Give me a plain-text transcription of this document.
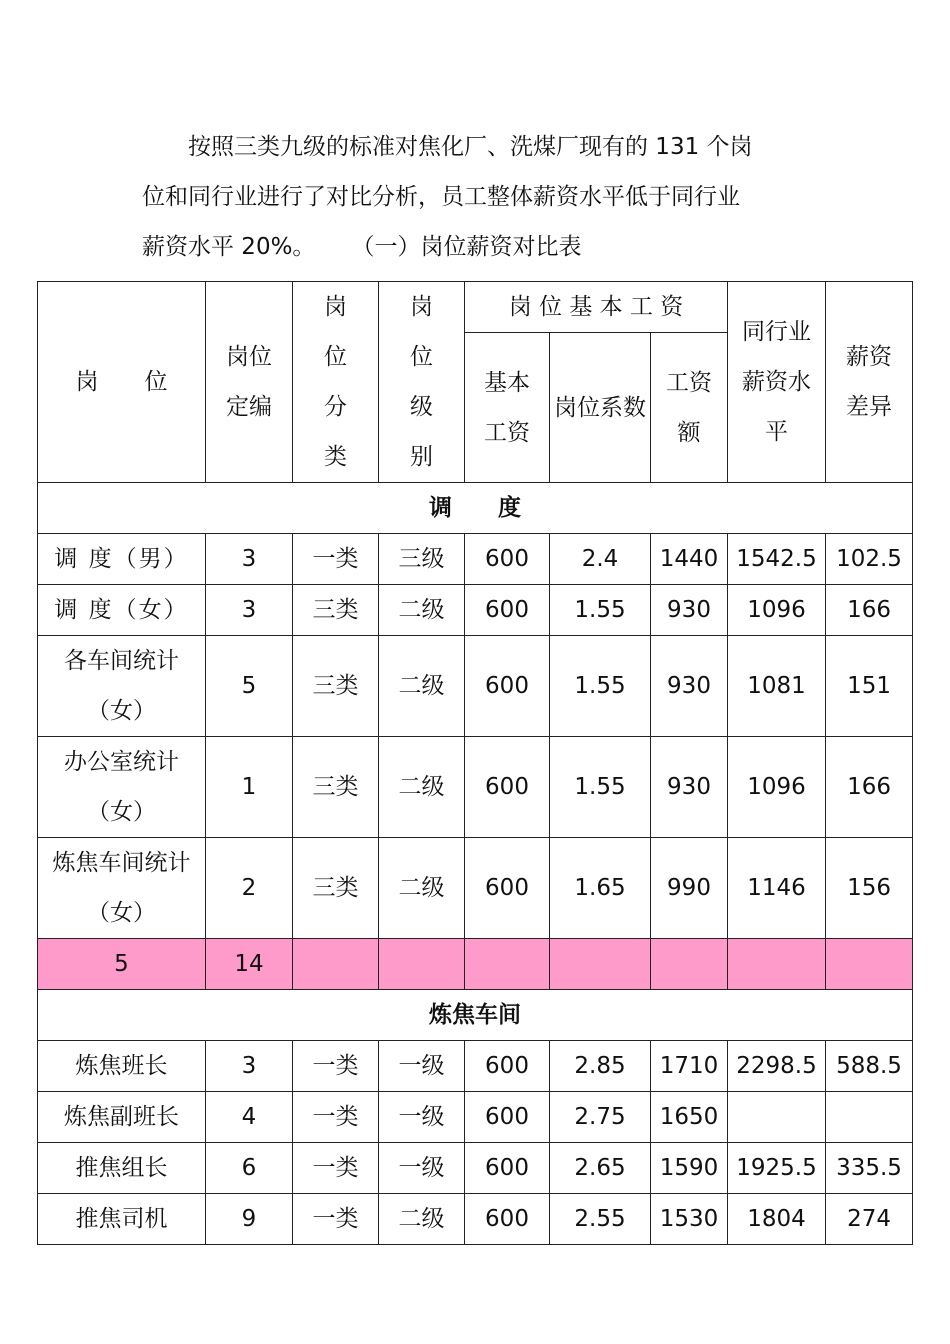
按照三类九级的标准对焦化厂、洗煤厂现有的 131 个岗
位和同行业进行了对比分析，员工整体薪资水平低于同行业
薪资水平 20%。 （一）岗位薪资对比表

岗　　位	岗位定编	岗位分类	岗位级别	岗 位 基 本 工 资			同行业薪资水平	薪资差异
				基本工资	岗位系数	工资额		

调　　度								
调 度（男）	3	一类	三级	600	2.4	1440	1542.5	102.5
调 度（女）	3	三类	二级	600	1.55	930	1096	166
各车间统计（女）	5	三类	二级	600	1.55	930	1081	151
办公室统计（女）	1	三类	二级	600	1.55	930	1096	166
炼焦车间统计（女）	2	三类	二级	600	1.65	990	1146	156
5	14							
炼焦车间								
炼焦班长	3	一类	一级	600	2.85	1710	2298.5	588.5
炼焦副班长	4	一类	一级	600	2.75	1650		
推焦组长	6	一类	一级	600	2.65	1590	1925.5	335.5
推焦司机	9	一类	二级	600	2.55	1530	1804	274
